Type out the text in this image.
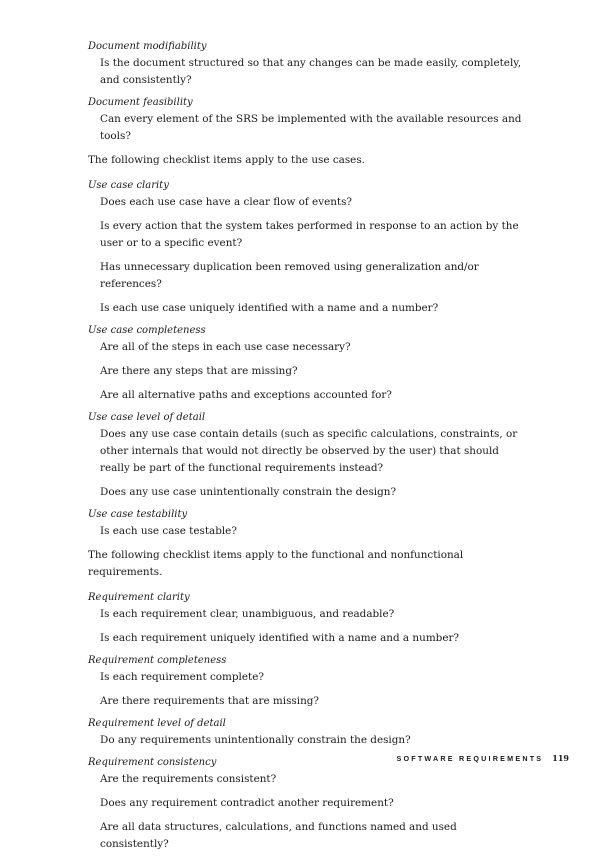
Document modifiability
Is the document structured so that any changes can be made easily, completely, and consistently?
Document feasibility
Can every element of the SRS be implemented with the available resources and tools?

The following checklist items apply to the use cases.

Use case clarity
Does each use case have a clear flow of events?
Is every action that the system takes performed in response to an action by the user or to a specific event?
Has unnecessary duplication been removed using generalization and/or references?
Is each use case uniquely identified with a name and a number?
Use case completeness
Are all of the steps in each use case necessary?
Are there any steps that are missing?
Are all alternative paths and exceptions accounted for?
Use case level of detail
Does any use case contain details (such as specific calculations, constraints, or other internals that would not directly be observed by the user) that should really be part of the functional requirements instead?
Does any use case unintentionally constrain the design?
Use case testability
Is each use case testable?

The following checklist items apply to the functional and nonfunctional requirements.

Requirement clarity
Is each requirement clear, unambiguous, and readable?
Is each requirement uniquely identified with a name and a number?
Requirement completeness
Is each requirement complete?
Are there requirements that are missing?
Requirement level of detail
Do any requirements unintentionally constrain the design?
Requirement consistency
Are the requirements consistent?
Does any requirement contradict another requirement?
Are all data structures, calculations, and functions named and used consistently?
SOFTWARE REQUIREMENTS 119
